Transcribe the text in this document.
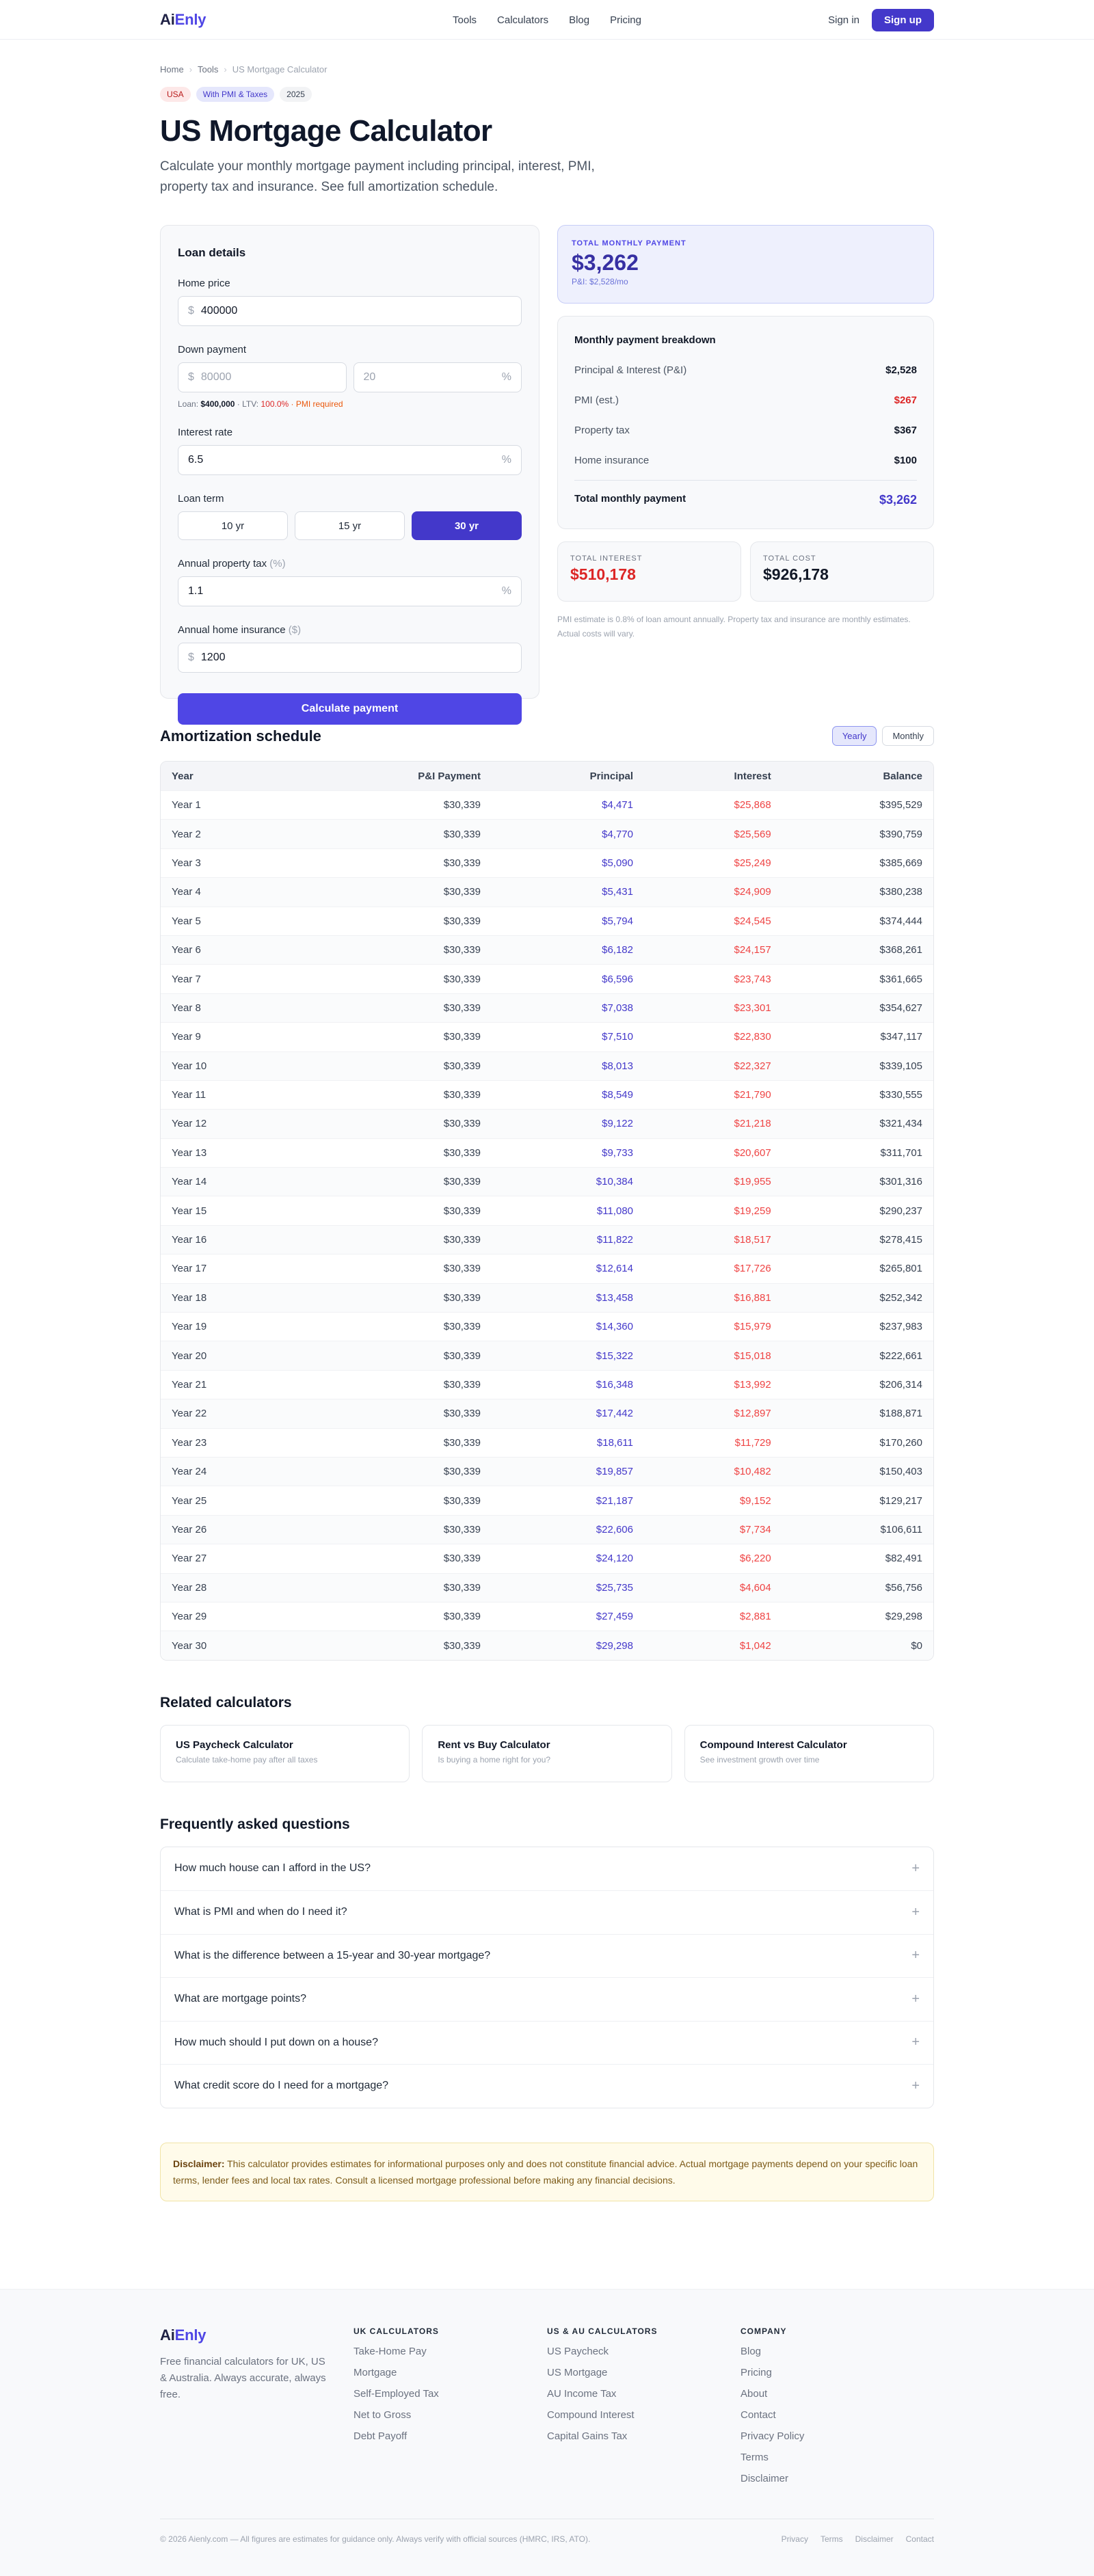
AiEnly	Tools Calculators Blog Pricing	Sign in	Sign up
Home › Tools › US Mortgage Calculator
USA	With PMI & Taxes	2025
US Mortgage Calculator

Calculate your monthly mortgage payment including principal, interest, PMI, property tax and insurance. See full amortization schedule.

Loan details
Home price
$ 400000
Down payment
$ 80000	20	%
Loan: $400,000 · LTV: 100.0% · PMI required
Interest rate
6.5	%
Loan term
10 yr	15 yr	30 yr
Annual property tax (%)
1.1	%
Annual home insurance ($)
$ 1200
Calculate payment
TOTAL MONTHLY PAYMENT
$3,262
P&I: $2,528/mo
Monthly payment breakdown
Principal & Interest (P&I)	$2,528
PMI (est.)	$267
Property tax	$367
Home insurance	$100
Total monthly payment	$3,262
TOTAL INTEREST
$510,178
TOTAL COST
$926,178
PMI estimate is 0.8% of loan amount annually. Property tax and insurance are monthly estimates. Actual costs will vary.
Amortization schedule	Yearly	Monthly
Year	P&I Payment	Principal	Interest	Balance
Year 1	$30,339	$4,471	$25,868	$395,529
Year 2	$30,339	$4,770	$25,569	$390,759
Year 3	$30,339	$5,090	$25,249	$385,669
Year 4	$30,339	$5,431	$24,909	$380,238
Year 5	$30,339	$5,794	$24,545	$374,444
Year 6	$30,339	$6,182	$24,157	$368,261
Year 7	$30,339	$6,596	$23,743	$361,665
Year 8	$30,339	$7,038	$23,301	$354,627
Year 9	$30,339	$7,510	$22,830	$347,117
Year 10	$30,339	$8,013	$22,327	$339,105
Year 11	$30,339	$8,549	$21,790	$330,555
Year 12	$30,339	$9,122	$21,218	$321,434
Year 13	$30,339	$9,733	$20,607	$311,701
Year 14	$30,339	$10,384	$19,955	$301,316
Year 15	$30,339	$11,080	$19,259	$290,237
Year 16	$30,339	$11,822	$18,517	$278,415
Year 17	$30,339	$12,614	$17,726	$265,801
Year 18	$30,339	$13,458	$16,881	$252,342
Year 19	$30,339	$14,360	$15,979	$237,983
Year 20	$30,339	$15,322	$15,018	$222,661
Year 21	$30,339	$16,348	$13,992	$206,314
Year 22	$30,339	$17,442	$12,897	$188,871
Year 23	$30,339	$18,611	$11,729	$170,260
Year 24	$30,339	$19,857	$10,482	$150,403
Year 25	$30,339	$21,187	$9,152	$129,217
Year 26	$30,339	$22,606	$7,734	$106,611
Year 27	$30,339	$24,120	$6,220	$82,491
Year 28	$30,339	$25,735	$4,604	$56,756
Year 29	$30,339	$27,459	$2,881	$29,298
Year 30	$30,339	$29,298	$1,042	$0
Related calculators
US Paycheck Calculator
Calculate take-home pay after all taxes
Rent vs Buy Calculator
Is buying a home right for you?
Compound Interest Calculator
See investment growth over time
Frequently asked questions
How much house can I afford in the US?	+
What is PMI and when do I need it?	+
What is the difference between a 15-year and 30-year mortgage?	+
What are mortgage points?	+
How much should I put down on a house?	+
What credit score do I need for a mortgage?	+
Disclaimer: This calculator provides estimates for informational purposes only and does not constitute financial advice. Actual mortgage payments depend on your specific loan terms, lender fees and local tax rates. Consult a licensed mortgage professional before making any financial decisions.
AiEnly
Free financial calculators for UK, US & Australia. Always accurate, always free.
UK CALCULATORS
Take-Home Pay
Mortgage
Self-Employed Tax
Net to Gross
Debt Payoff
US & AU CALCULATORS
US Paycheck
US Mortgage
AU Income Tax
Compound Interest
Capital Gains Tax
COMPANY
Blog
Pricing
About
Contact
Privacy Policy
Terms
Disclaimer
© 2026 Aienly.com — All figures are estimates for guidance only. Always verify with official sources (HMRC, IRS, ATO).	Privacy Terms Disclaimer Contact
